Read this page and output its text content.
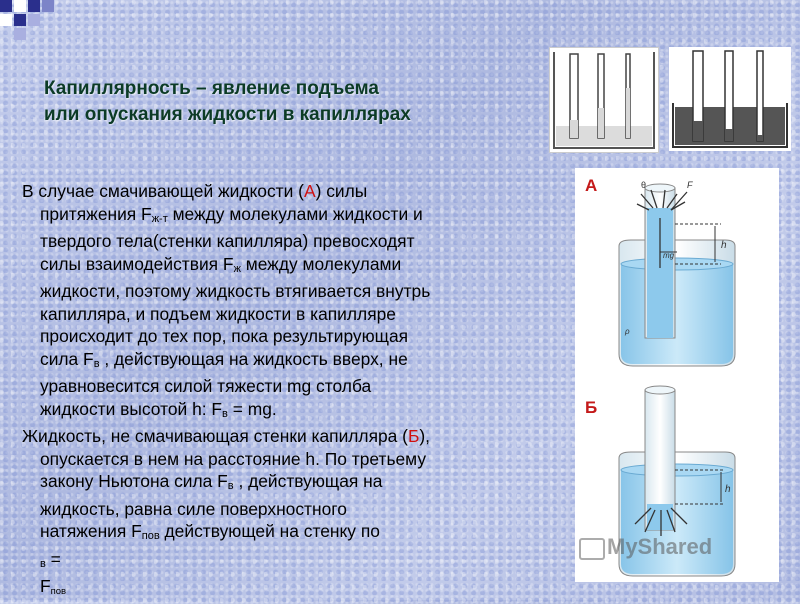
Капиллярность – явление подъема
или опускания жидкости в капиллярах

В случае смачивающей жидкости (А) силы
притяжения Fж-т между молекулами жидкости и
твердого тела(стенки капилляра) превосходят
силы взаимодействия Fж между молекулами
жидкости, поэтому жидкость втягивается внутрь
капилляра, и подъем жидкости в капилляре
происходит до тех пор, пока результирующая
сила Fв , действующая на жидкость вверх, не
уравновесится силой тяжести mg столба
жидкости высотой h: Fв = mg.

Жидкость, не смачивающая стенки капилляра (Б),
опускается в нем на расстояние h. По третьему
закону Ньютона сила Fв , действующая на
жидкость, равна силе поверхностного
натяжения Fпов действующей на стенку по
в =
Fпов

h
θ	F
mg
ρ
h
А
Б
MyShared
